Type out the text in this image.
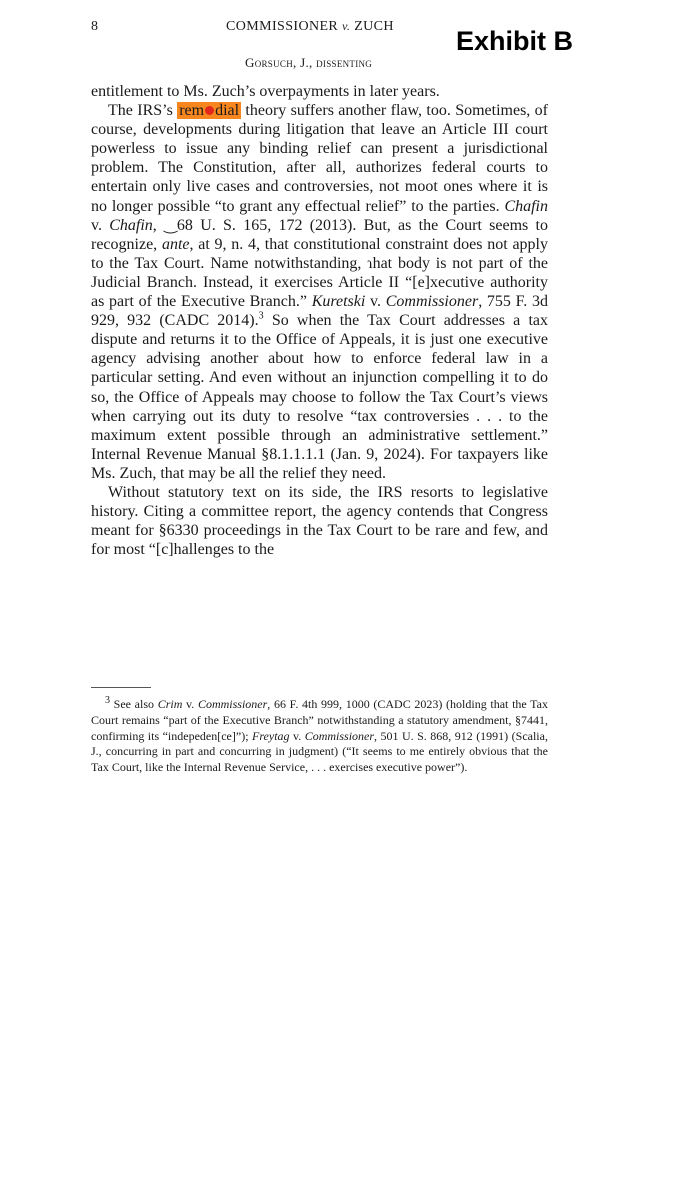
8	COMMISSIONER v. ZUCH
Gorsuch, J., dissenting
Exhibit B

entitlement to Ms. Zuch’s overpayments in later years.

The IRS’s rem dial theory suffers another flaw, too. Sometimes, of course, developments during litigation that leave an Article III court powerless to issue any binding relief can present a jurisdictional problem. The Constitution, after all, authorizes federal courts to entertain only live cases and controversies, not moot ones where it is no longer possible “to grant any effectual relief” to the parties. Chafin v. Chafin, ‿68 U. S. 165, 172 (2013). But, as the Court seems to recognize, ante, at 9, n. 4, that constitutional constraint does not apply to the Tax Court. Name notwithstanding, ɿhat body is not part of the Judicial Branch. Instead, it exercises Article II “[e]xecutive authority as part of the Executive Branch.” Kuretski v. Commissioner, 755 F. 3d 929, 932 (CADC 2014).$^3$ So when the Tax Court addresses a tax dispute and returns it to the Office of Appeals, it is just one executive agency advising another about how to enforce federal law in a particular setting. And even without an injunction compelling it to do so, the Office of Appeals may choose to follow the Tax Court’s views when carrying out its duty to resolve “tax controversies . . . to the maximum extent possible through an administrative settlement.” Internal Revenue Manual §8.1.1.1.1 (Jan. 9, 2024). For taxpayers like Ms. Zuch, that may be all the relief they need.

Without statutory text on its side, the IRS resorts to legislative history. Citing a committee report, the agency contends that Congress meant for §6330 proceedings in the Tax Court to be rare and few, and for most “[c]hallenges to the

$^3$ See also Crim v. Commissioner, 66 F. 4th 999, 1000 (CADC 2023) (holding that the Tax Court remains “part of the Executive Branch” notwithstanding a statutory amendment, §7441, confirming its “indepeden[ce]”); Freytag v. Commissioner, 501 U. S. 868, 912 (1991) (Scalia, J., concurring in part and concurring in judgment) (“It seems to me entirely obvious that the Tax Court, like the Internal Revenue Service, . . . exercises executive power”).
